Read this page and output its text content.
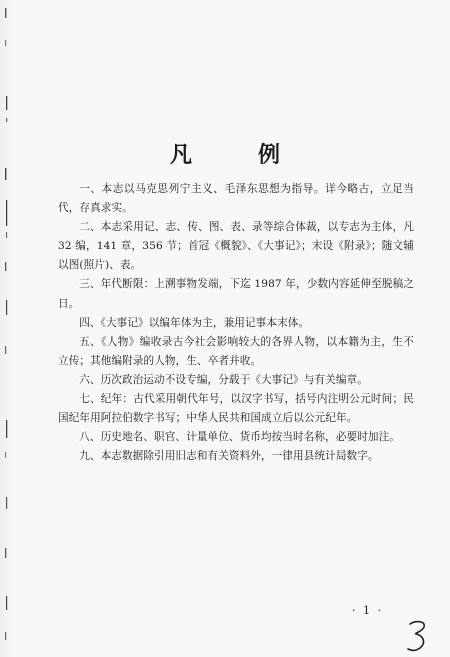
凡　例

一、本志以马克思列宁主义、毛泽东思想为指导。详今略古，立足当代，存真求实。

二、本志采用记、志、传、图、表、录等综合体裁，以专志为主体，凡 32 编，141 章，356 节；首冠《概貌》、《大事记》；末设《附录》；随文辅以图(照片)、表。

三、年代断限：上溯事物发端，下迄 1987 年，少数内容延伸至脱稿之日。

四、《大事记》以编年体为主，兼用记事本末体。

五、《人物》编收录古今社会影响较大的各界人物，以本籍为主，生不立传；其他编附录的人物，生、卒者并收。

六、历次政治运动不设专编，分载于《大事记》与有关编章。

七、纪年：古代采用朝代年号，以汉字书写，括号内注明公元时间；民国纪年用阿拉伯数字书写；中华人民共和国成立后以公元纪年。

八、历史地名、职官、计量单位、货币均按当时名称，必要时加注。

九、本志数据除引用旧志和有关资料外，一律用县统计局数字。

· 1 ·
